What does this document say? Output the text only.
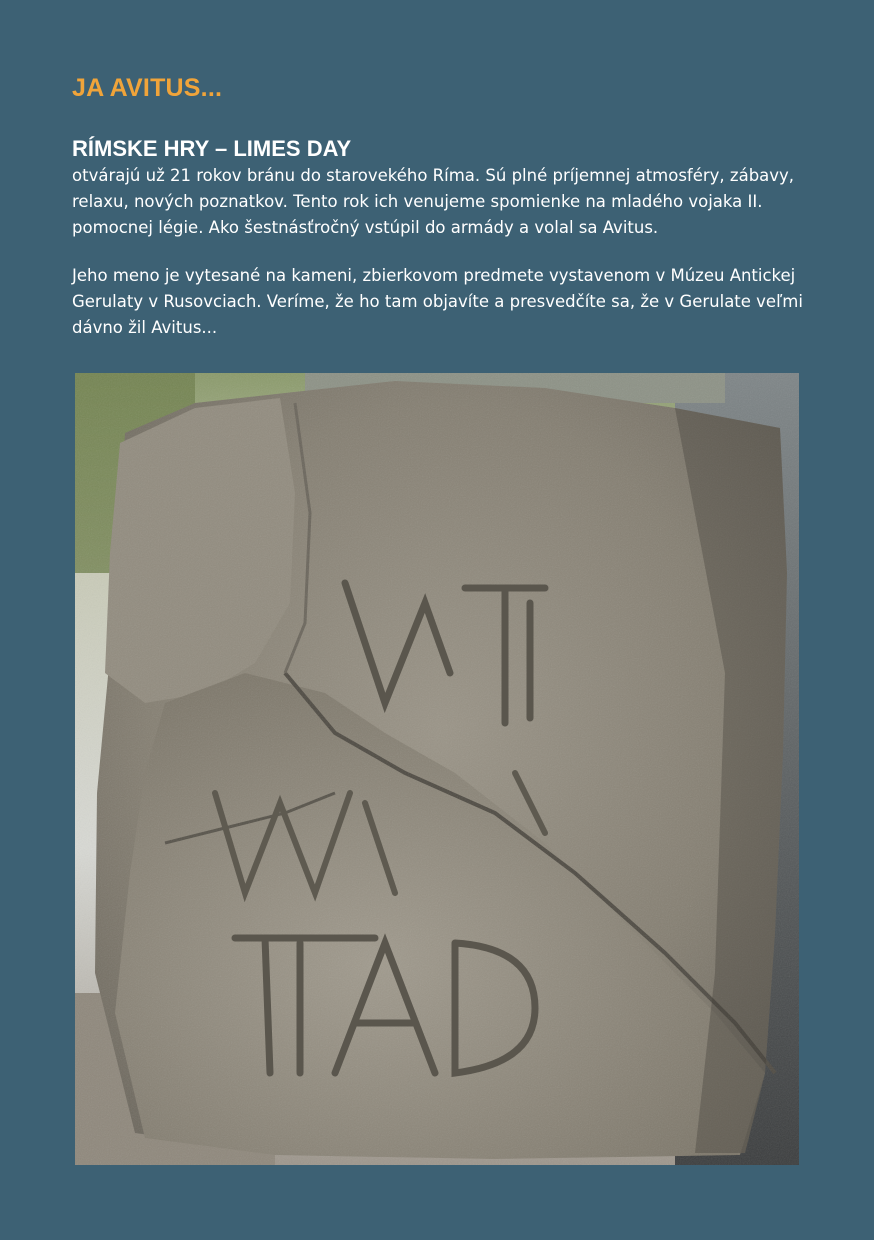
JA AVITUS...
RÍMSKE HRY – LIMES DAY

otvárajú už 21 rokov bránu do starovekého Ríma. Sú plné príjemnej atmosféry, zábavy, relaxu, nových poznatkov. Tento rok ich venujeme spomienke na mladého vojaka II. pomocnej légie. Ako šestnásťročný vstúpil do armády a volal sa Avitus.

Jeho meno je vytesané na kameni, zbierkovom predmete vystavenom v Múzeu Antickej Gerulaty v Rusovciach. Veríme, že ho tam objavíte a presvedčíte sa, že v Gerulate veľmi dávno žil Avitus...
